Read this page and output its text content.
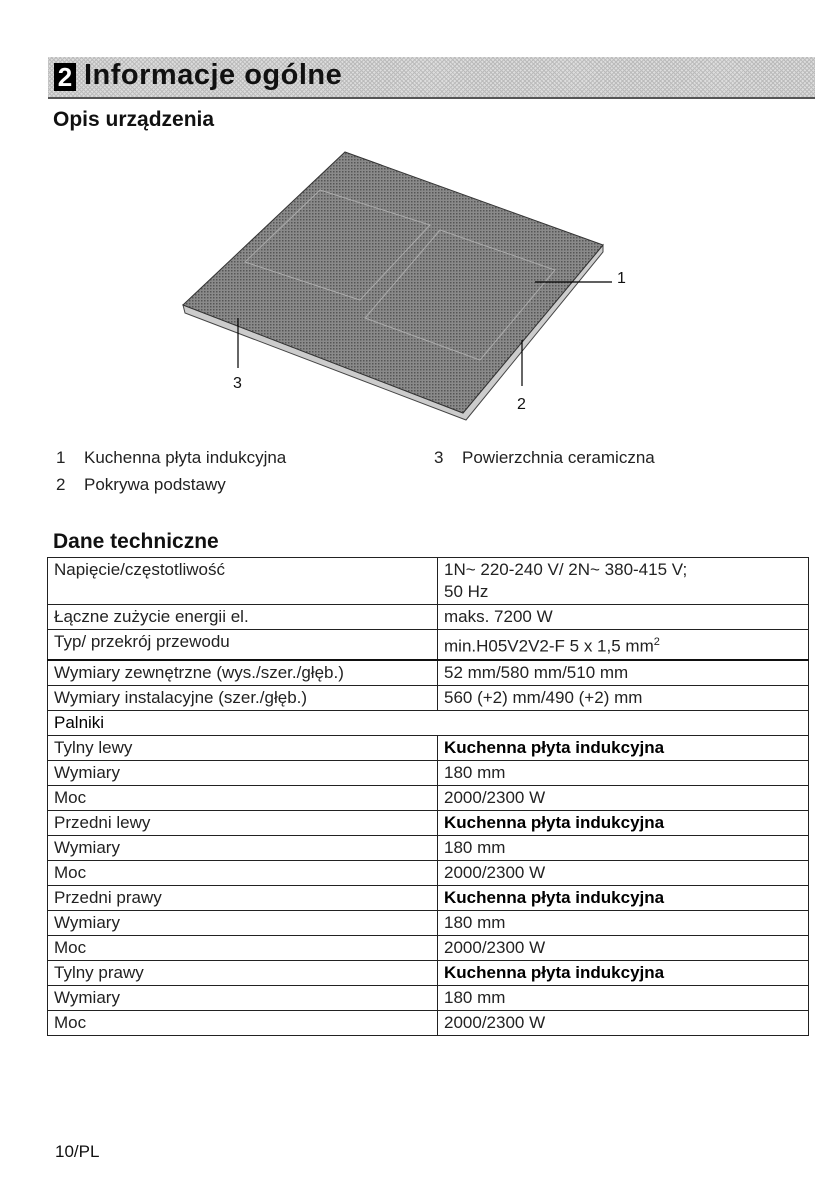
2 Informacje ogólne
Opis urządzenia
1
2
3
1 Kuchenna płyta indukcyjna
2 Pokrywa podstawy
3 Powierzchnia ceramiczna
Dane techniczne
Napięcie/częstotliwość	1N~ 220-240 V/ 2N~ 380-415 V;
50 Hz
Łączne zużycie energii el.	maks. 7200 W
Typ/ przekrój przewodu	min.H05V2V2-F 5 x 1,5 $mm^2$
Wymiary zewnętrzne (wys./szer./głęb.)	52 mm/580 mm/510 mm
Wymiary instalacyjne (szer./głęb.)	560 (+2) mm/490 (+2) mm
Palniki	
Tylny lewy	Kuchenna płyta indukcyjna
Wymiary	180 mm
Moc	2000/2300 W
Przedni lewy	Kuchenna płyta indukcyjna
Wymiary	180 mm
Moc	2000/2300 W
Przedni prawy	Kuchenna płyta indukcyjna
Wymiary	180 mm
Moc	2000/2300 W
Tylny prawy	Kuchenna płyta indukcyjna
Wymiary	180 mm
Moc	2000/2300 W
10/PL
